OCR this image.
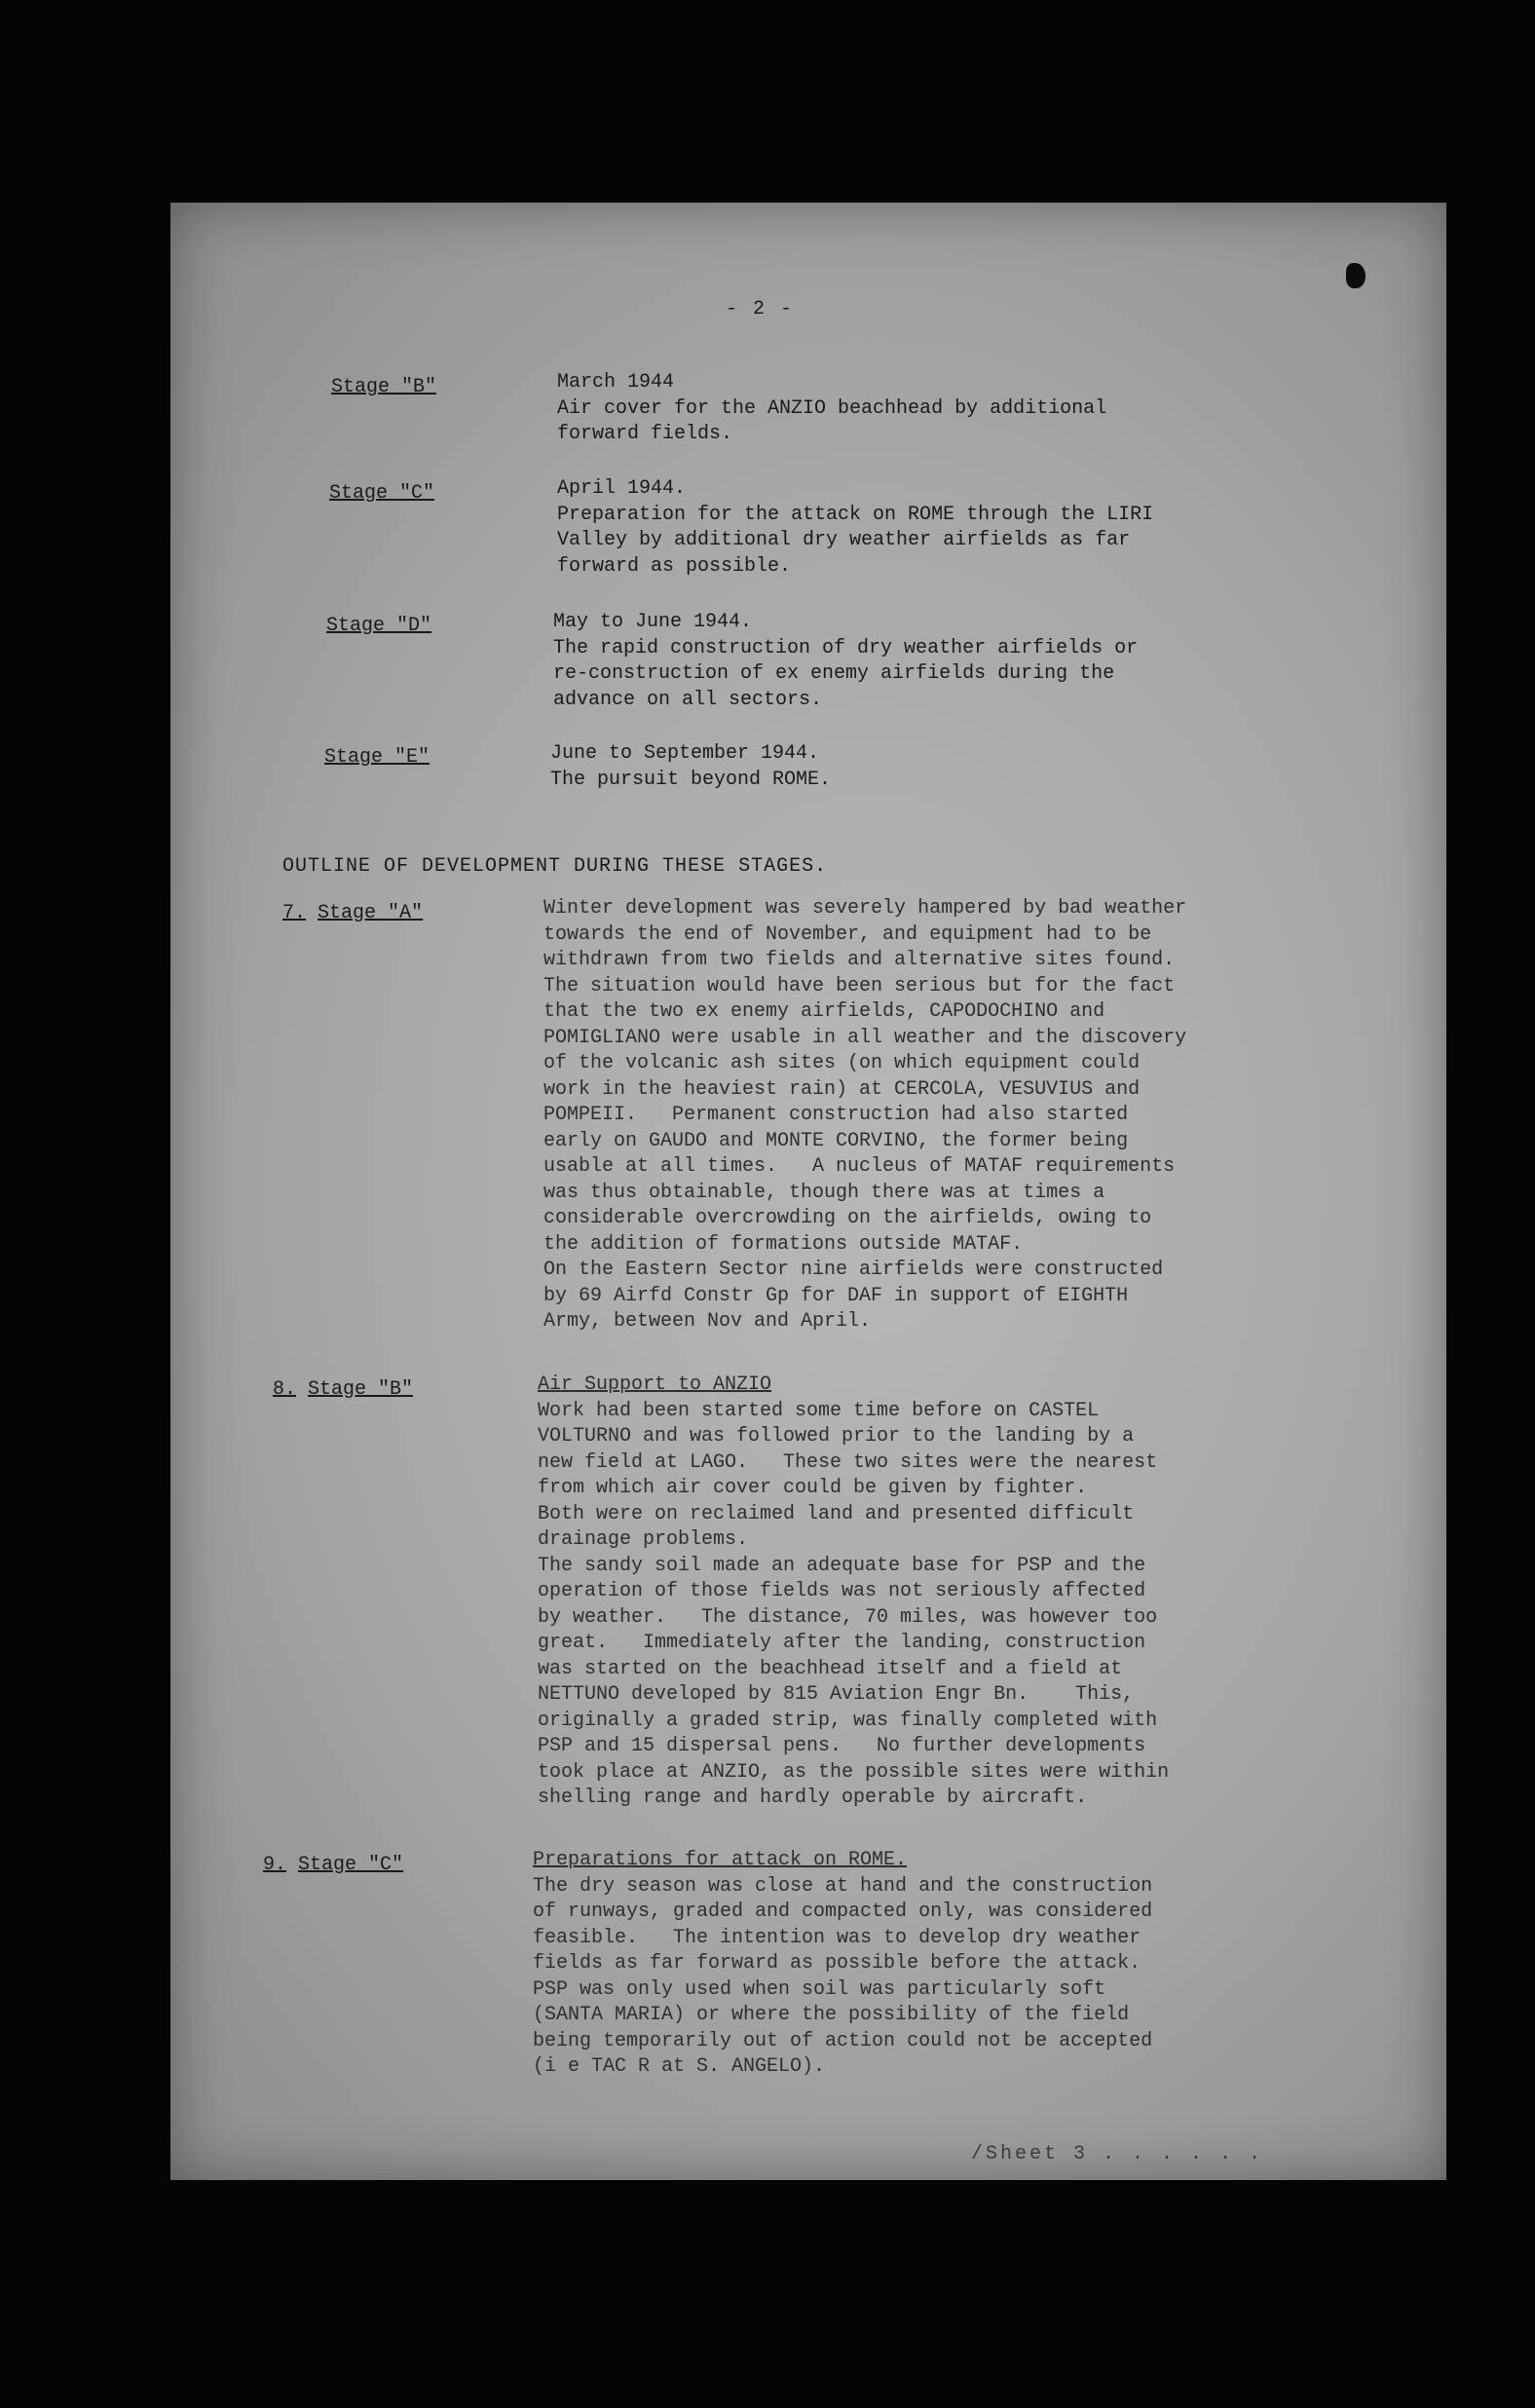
- 2 -
Stage "B"	March 1944
Air cover for the ANZIO beachhead by additional
forward fields.
Stage "C"	April 1944.
Preparation for the attack on ROME through the LIRI
Valley by additional dry weather airfields as far
forward as possible.
Stage "D"	May to June 1944.
The rapid construction of dry weather airfields or
re-construction of ex enemy airfields during the
advance on all sectors.
Stage "E"	June to September 1944.
The pursuit beyond ROME.
OUTLINE OF DEVELOPMENT DURING THESE STAGES.
7. Stage "A"	Winter development was severely hampered by bad weather
towards the end of November, and equipment had to be
withdrawn from two fields and alternative sites found.
The situation would have been serious but for the fact
that the two ex enemy airfields, CAPODOCHINO and
POMIGLIANO were usable in all weather and the discovery
of the volcanic ash sites (on which equipment could
work in the heaviest rain) at CERCOLA, VESUVIUS and
POMPEII.   Permanent construction had also started
early on GAUDO and MONTE CORVINO, the former being
usable at all times.   A nucleus of MATAF requirements
was thus obtainable, though there was at times a
considerable overcrowding on the airfields, owing to
the addition of formations outside MATAF.
On the Eastern Sector nine airfields were constructed
by 69 Airfd Constr Gp for DAF in support of EIGHTH
Army, between Nov and April.
8. Stage "B"	Air Support to ANZIO
Work had been started some time before on CASTEL
VOLTURNO and was followed prior to the landing by a
new field at LAGO.   These two sites were the nearest
from which air cover could be given by fighter.
Both were on reclaimed land and presented difficult
drainage problems.
The sandy soil made an adequate base for PSP and the
operation of those fields was not seriously affected
by weather.   The distance, 70 miles, was however too
great.   Immediately after the landing, construction
was started on the beachhead itself and a field at
NETTUNO developed by 815 Aviation Engr Bn.    This,
originally a graded strip, was finally completed with
PSP and 15 dispersal pens.   No further developments
took place at ANZIO, as the possible sites were within
shelling range and hardly operable by aircraft.
9. Stage "C"	Preparations for attack on ROME.
The dry season was close at hand and the construction
of runways, graded and compacted only, was considered
feasible.   The intention was to develop dry weather
fields as far forward as possible before the attack.
PSP was only used when soil was particularly soft
(SANTA MARIA) or where the possibility of the field
being temporarily out of action could not be accepted
(i e TAC R at S. ANGELO).
/Sheet 3 . . . . . .
